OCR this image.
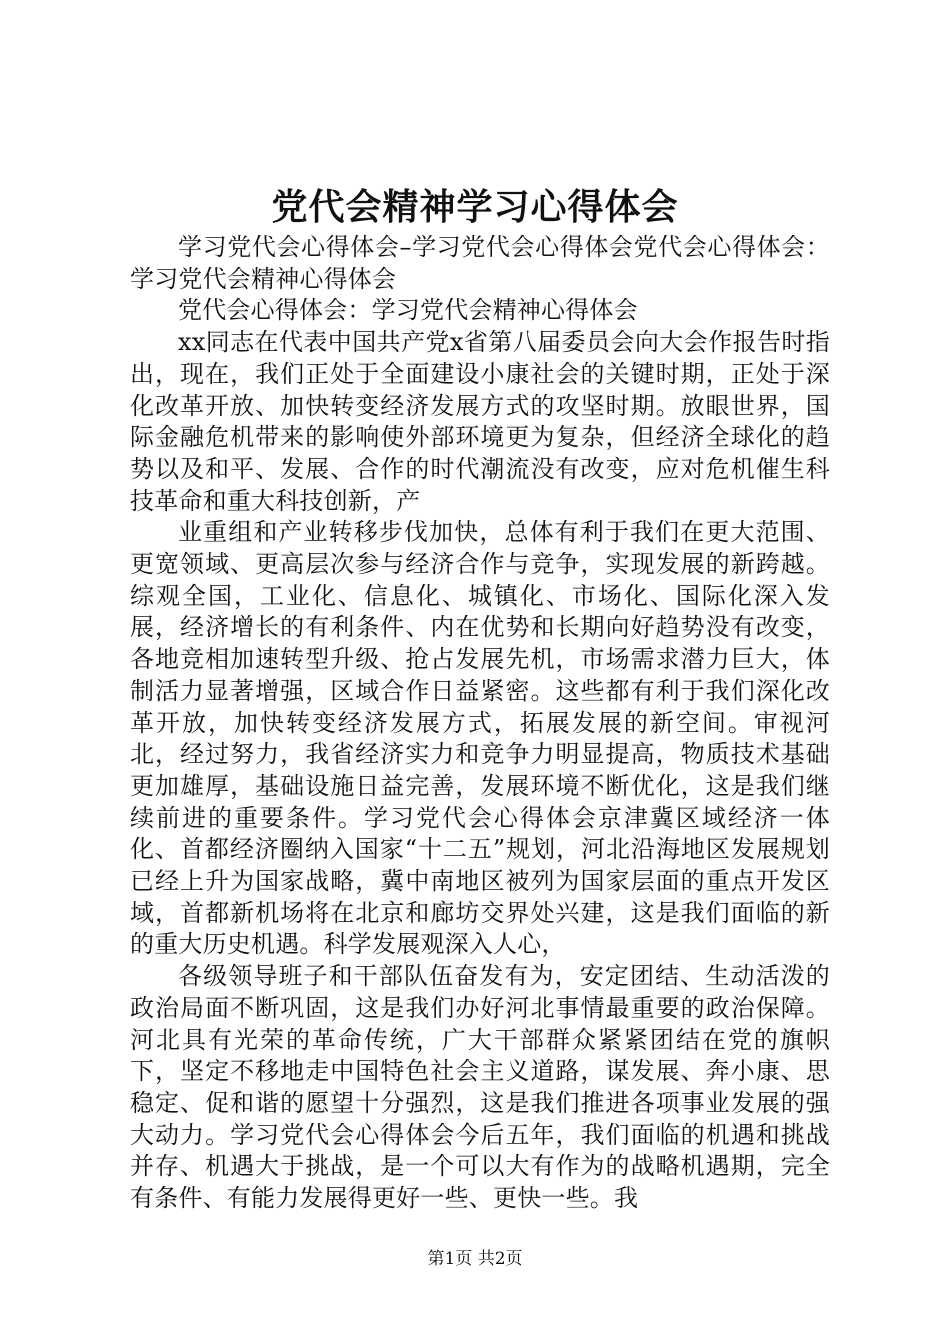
党代会精神学习心得体会

学习党代会心得体会–学习党代会心得体会党代会心得体会：学习党代会精神心得体会

党代会心得体会：学习党代会精神心得体会

xx同志在代表中国共产党x省第八届委员会向大会作报告时指出，现在，我们正处于全面建设小康社会的关键时期，正处于深化改革开放、加快转变经济发展方式的攻坚时期。放眼世界，国际金融危机带来的影响使外部环境更为复杂，但经济全球化的趋势以及和平、发展、合作的时代潮流没有改变，应对危机催生科技革命和重大科技创新，产

业重组和产业转移步伐加快，总体有利于我们在更大范围、更宽领域、更高层次参与经济合作与竞争，实现发展的新跨越。综观全国，工业化、信息化、城镇化、市场化、国际化深入发展，经济增长的有利条件、内在优势和长期向好趋势没有改变，各地竞相加速转型升级、抢占发展先机，市场需求潜力巨大，体制活力显著增强，区域合作日益紧密。这些都有利于我们深化改革开放，加快转变经济发展方式，拓展发展的新空间。审视河北，经过努力，我省经济实力和竞争力明显提高，物质技术基础更加雄厚，基础设施日益完善，发展环境不断优化，这是我们继续前进的重要条件。学习党代会心得体会京津冀区域经济一体化、首都经济圈纳入国家“十二五”规划，河北沿海地区发展规划已经上升为国家战略，冀中南地区被列为国家层面的重点开发区域，首都新机场将在北京和廊坊交界处兴建，这是我们面临的新的重大历史机遇。科学发展观深入人心，

各级领导班子和干部队伍奋发有为，安定团结、生动活泼的政治局面不断巩固，这是我们办好河北事情最重要的政治保障。河北具有光荣的革命传统，广大干部群众紧紧团结在党的旗帜下，坚定不移地走中国特色社会主义道路，谋发展、奔小康、思稳定、促和谐的愿望十分强烈，这是我们推进各项事业发展的强大动力。学习党代会心得体会今后五年，我们面临的机遇和挑战并存、机遇大于挑战，是一个可以大有作为的战略机遇期，完全有条件、有能力发展得更好一些、更快一些。我

第1页 共2页
